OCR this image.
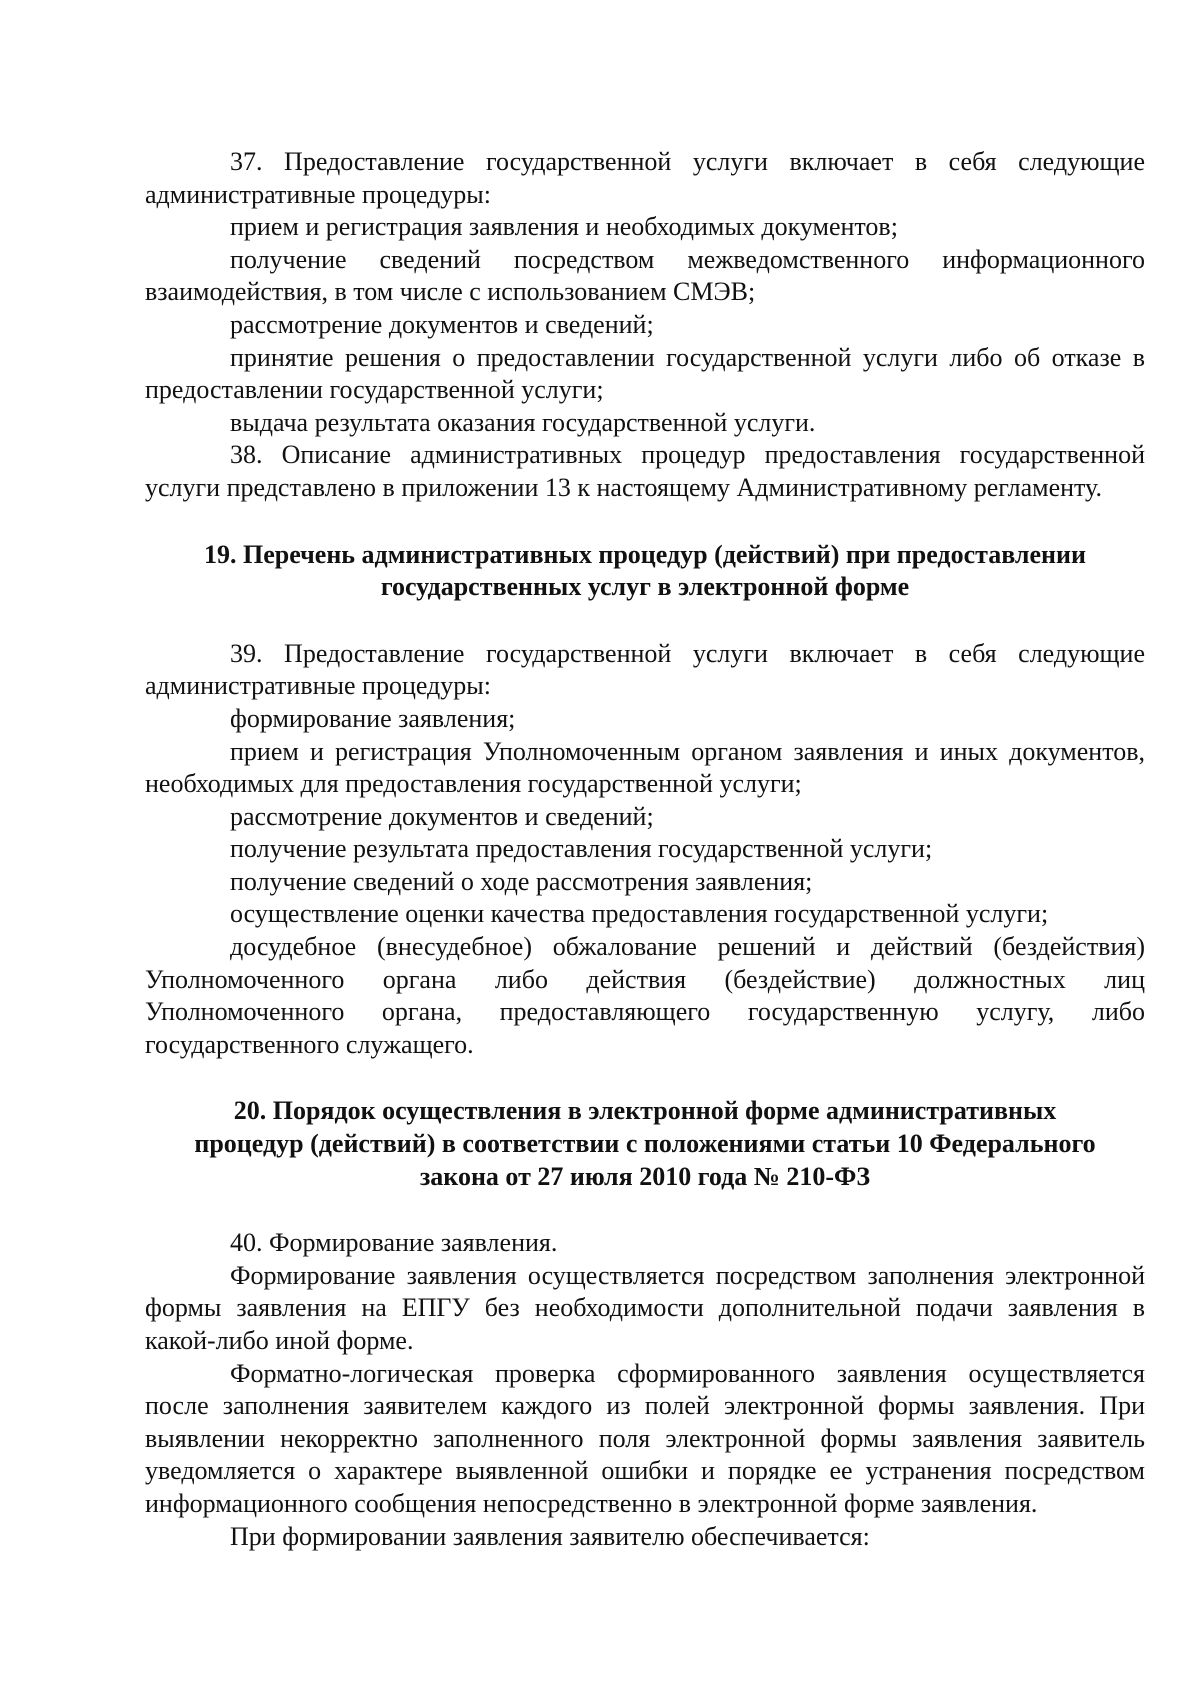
37. Предоставление государственной услуги включает в себя следующие административные процедуры:

прием и регистрация заявления и необходимых документов;

получение сведений посредством межведомственного информационного взаимодействия, в том числе с использованием СМЭВ;

рассмотрение документов и сведений;

принятие решения о предоставлении государственной услуги либо об отказе в предоставлении государственной услуги;

выдача результата оказания государственной услуги.

38. Описание административных процедур предоставления государственной услуги представлено в приложении 13 к настоящему Административному регламенту.

19. Перечень административных процедур (действий) при предоставлении
государственных услуг в электронной форме

39. Предоставление государственной услуги включает в себя следующие административные процедуры:

формирование заявления;

прием и регистрация Уполномоченным органом заявления и иных документов, необходимых для предоставления государственной услуги;

рассмотрение документов и сведений;

получение результата предоставления государственной услуги;

получение сведений о ходе рассмотрения заявления;

осуществление оценки качества предоставления государственной услуги;

досудебное (внесудебное) обжалование решений и действий (бездействия) Уполномоченного органа либо действия (бездействие) должностных лиц Уполномоченного органа, предоставляющего государственную услугу, либо государственного служащего.

20. Порядок осуществления в электронной форме административных
процедур (действий) в соответствии с положениями статьи 10 Федерального
закона от 27 июля 2010 года № 210-ФЗ

40. Формирование заявления.

Формирование заявления осуществляется посредством заполнения электронной формы заявления на ЕПГУ без необходимости дополнительной подачи заявления в какой-либо иной форме.

Форматно-логическая проверка сформированного заявления осуществляется после заполнения заявителем каждого из полей электронной формы заявления. При выявлении некорректно заполненного поля электронной формы заявления заявитель уведомляется о характере выявленной ошибки и порядке ее устранения посредством информационного сообщения непосредственно в электронной форме заявления.

При формировании заявления заявителю обеспечивается:
